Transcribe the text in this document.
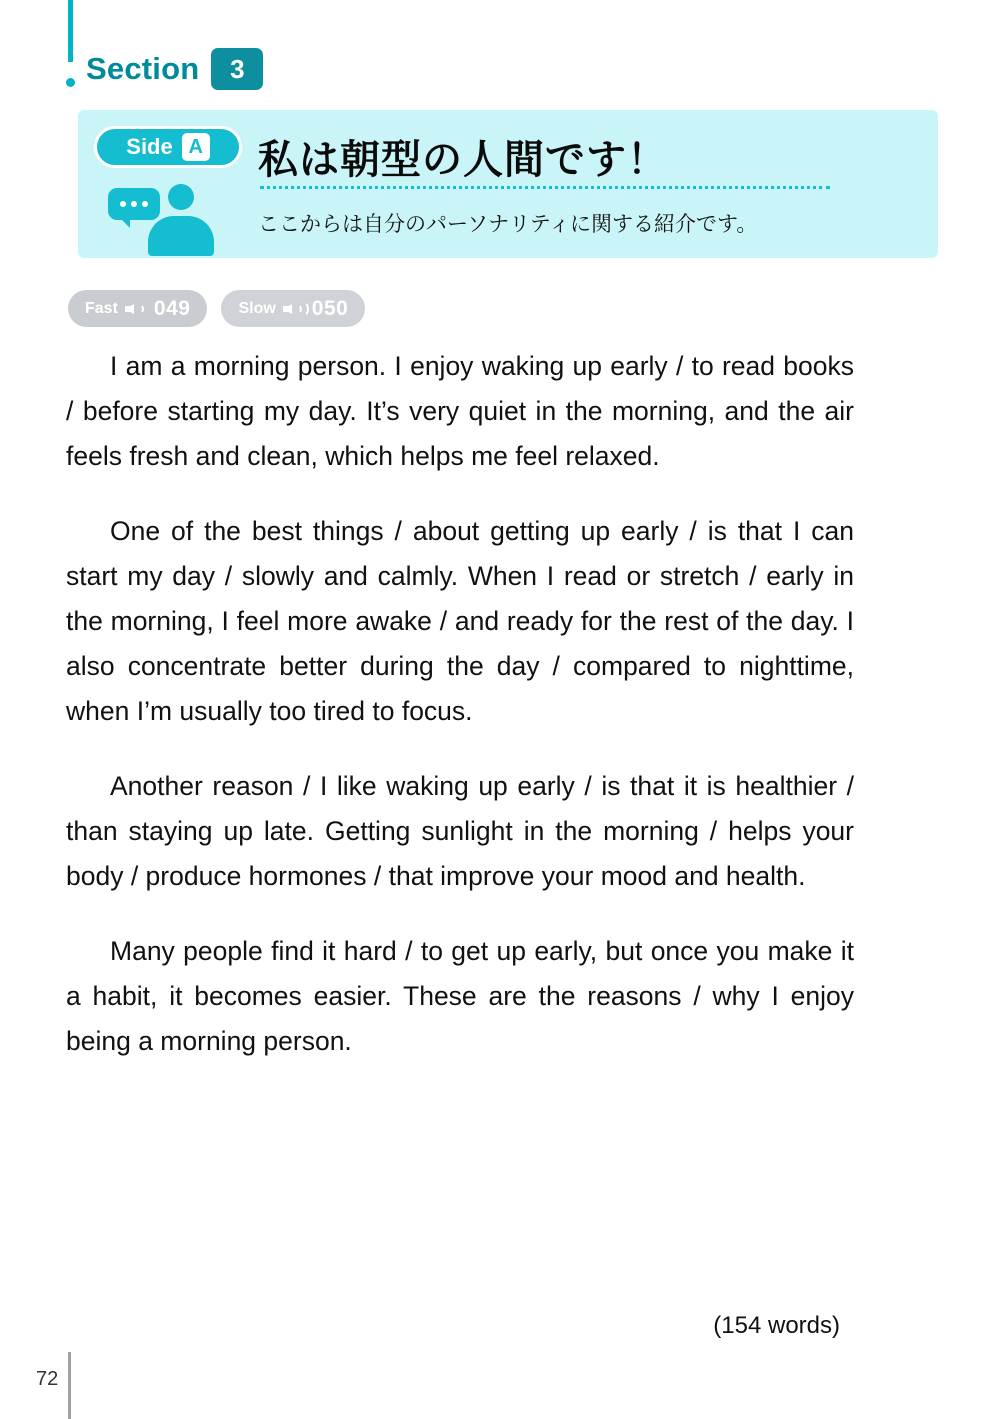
Section	3
Side A 私は朝型の人間です！
ここからは自分のパーソナリティに関する紹介です。
Fast 049	Slow 050

I am a morning person. I enjoy waking up early / to read books / before starting my day. It’s very quiet in the morning, and the air feels fresh and clean, which helps me feel relaxed.

One of the best things / about getting up early / is that I can start my day / slowly and calmly. When I read or stretch / early in the morning, I feel more awake / and ready for the rest of the day. I also concentrate better during the day / compared to nighttime, when I’m usually too tired to focus.

Another reason / I like waking up early / is that it is healthier / than staying up late. Getting sunlight in the morning / helps your body / produce hormones / that improve your mood and health.

Many people find it hard / to get up early, but once you make it a habit, it becomes easier. These are the reasons / why I enjoy being a morning person.

(154 words)
72
